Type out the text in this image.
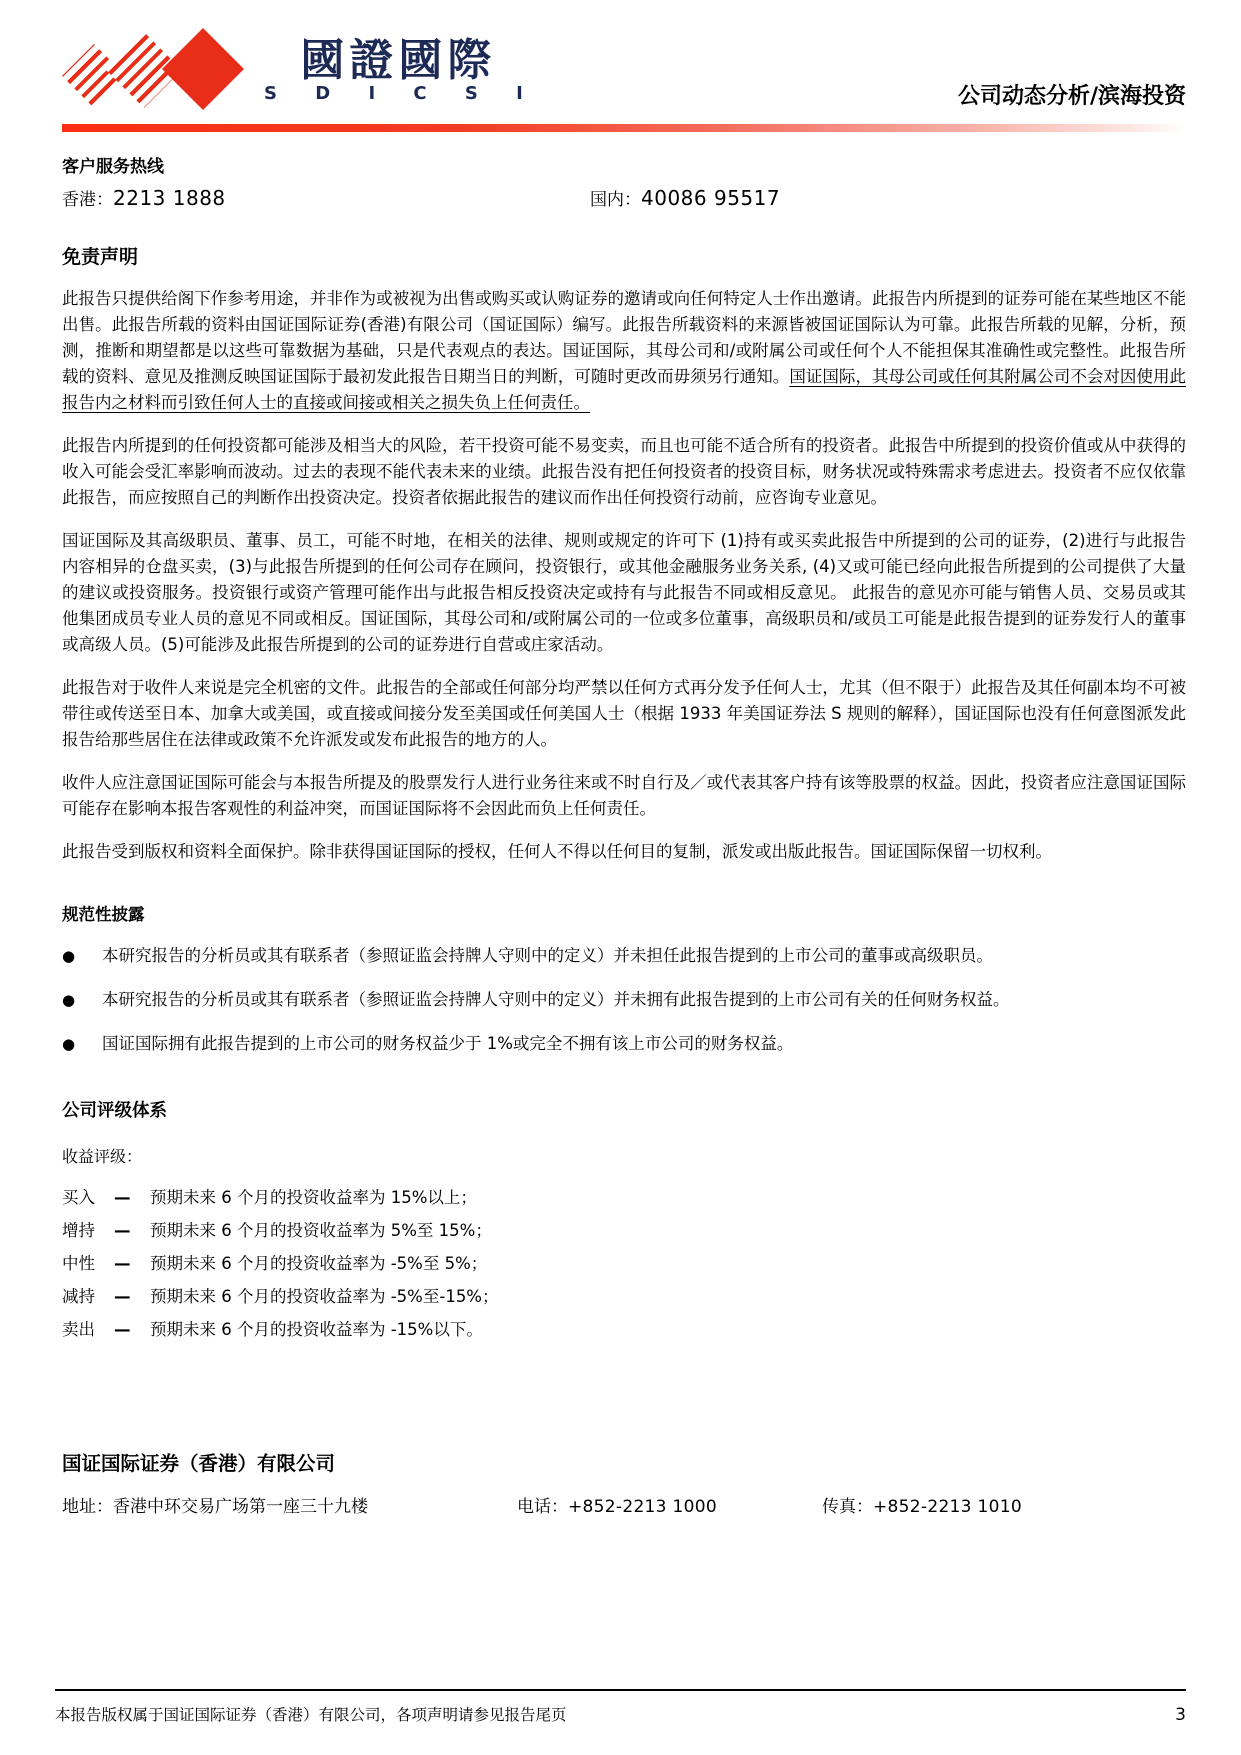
國證國際
S D I C S I	公司动态分析/滨海投资
客户服务热线
香港：2213 1888	国内：40086 95517
免责声明
此报告只提供给阁下作参考用途，并非作为或被视为出售或购买或认购证券的邀请或向任何特定人士作出邀请。此报告内所提到的证券可能在某些地区不能出售。此报告所载的资料由国证国际证券(香港)有限公司（国证国际）编写。此报告所载资料的来源皆被国证国际认为可靠。此报告所载的见解，分析，预测，推断和期望都是以这些可靠数据为基础，只是代表观点的表达。国证国际，其母公司和/或附属公司或任何个人不能担保其准确性或完整性。此报告所载的资料、意见及推测反映国证国际于最初发此报告日期当日的判断，可随时更改而毋须另行通知。国证国际，其母公司或任何其附属公司不会对因使用此报告内之材料而引致任何人士的直接或间接或相关之损失负上任何责任。
此报告内所提到的任何投资都可能涉及相当大的风险，若干投资可能不易变卖，而且也可能不适合所有的投资者。此报告中所提到的投资价值或从中获得的收入可能会受汇率影响而波动。过去的表现不能代表未来的业绩。此报告没有把任何投资者的投资目标，财务状况或特殊需求考虑进去。投资者不应仅依靠此报告，而应按照自己的判断作出投资决定。投资者依据此报告的建议而作出任何投资行动前，应咨询专业意见。
国证国际及其高级职员、董事、员工，可能不时地，在相关的法律、规则或规定的许可下 (1)持有或买卖此报告中所提到的公司的证券，(2)进行与此报告内容相异的仓盘买卖，(3)与此报告所提到的任何公司存在顾问，投资银行，或其他金融服务业务关系, (4)又或可能已经向此报告所提到的公司提供了大量的建议或投资服务。投资银行或资产管理可能作出与此报告相反投资决定或持有与此报告不同或相反意见。 此报告的意见亦可能与销售人员、交易员或其他集团成员专业人员的意见不同或相反。国证国际，其母公司和/或附属公司的一位或多位董事，高级职员和/或员工可能是此报告提到的证券发行人的董事或高级人员。(5)可能涉及此报告所提到的公司的证券进行自营或庄家活动。
此报告对于收件人来说是完全机密的文件。此报告的全部或任何部分均严禁以任何方式再分发予任何人士，尤其（但不限于）此报告及其任何副本均不可被带往或传送至日本、加拿大或美国，或直接或间接分发至美国或任何美国人士（根据 1933 年美国证券法 S 规则的解释），国证国际也没有任何意图派发此报告给那些居住在法律或政策不允许派发或发布此报告的地方的人。
收件人应注意国证国际可能会与本报告所提及的股票发行人进行业务往来或不时自行及／或代表其客户持有该等股票的权益。因此，投资者应注意国证国际可能存在影响本报告客观性的利益冲突，而国证国际将不会因此而负上任何责任。
此报告受到版权和资料全面保护。除非获得国证国际的授权，任何人不得以任何目的复制，派发或出版此报告。国证国际保留一切权利。
规范性披露
●	本研究报告的分析员或其有联系者（参照证监会持牌人守则中的定义）并未担任此报告提到的上市公司的董事或高级职员。
●	本研究报告的分析员或其有联系者（参照证监会持牌人守则中的定义）并未拥有此报告提到的上市公司有关的任何财务权益。
●	国证国际拥有此报告提到的上市公司的财务权益少于 1%或完全不拥有该上市公司的财务权益。
公司评级体系
收益评级：
买入	—	预期未来 6 个月的投资收益率为 15%以上；
增持	—	预期未来 6 个月的投资收益率为 5%至 15%；
中性	—	预期未来 6 个月的投资收益率为 -5%至 5%；
减持	—	预期未来 6 个月的投资收益率为 -5%至-15%；
卖出	—	预期未来 6 个月的投资收益率为 -15%以下。
国证国际证券（香港）有限公司
地址：香港中环交易广场第一座三十九楼	电话：+852-2213 1000	传真：+852-2213 1010
本报告版权属于国证国际证券（香港）有限公司，各项声明请参见报告尾页	3
